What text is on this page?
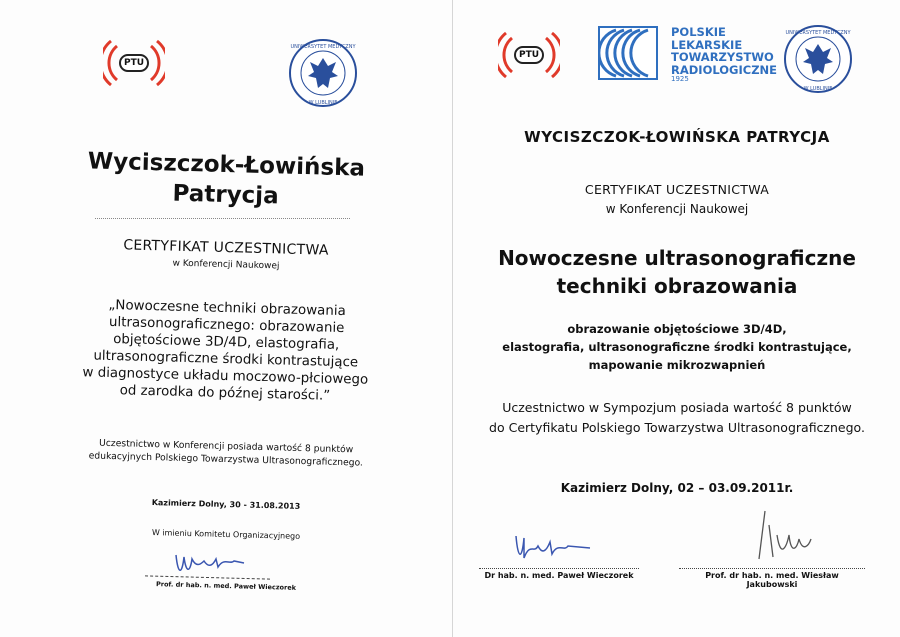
PTU
UNIWERSYTET MEDYCZNY
W LUBLINIE
Wyciszczok-Łowińska
Patrycja
CERTYFIKAT UCZESTNICTWA
w Konferencji Naukowej
„Nowoczesne techniki obrazowania
ultrasonograficznego: obrazowanie
objętościowe 3D/4D, elastografia,
ultrasonograficzne środki kontrastujące
w diagnostyce układu moczowo-płciowego
od zarodka do późnej starości.”
Uczestnictwo w Konferencji posiada wartość 8 punktów
edukacyjnych Polskiego Towarzystwa Ultrasonograficznego.
Kazimierz Dolny, 30 - 31.08.2013
W imieniu Komitetu Organizacyjnego
Prof. dr hab. n. med. Paweł Wieczorek
PTU
POLSKIE
LEKARSKIE
TOWARZYSTWO
RADIOLOGICZNE
1925
UNIWERSYTET MEDYCZNY
W LUBLINIE
WYCISZCZOK-ŁOWIŃSKA PATRYCJA
CERTYFIKAT UCZESTNICTWA
w Konferencji Naukowej
Nowoczesne ultrasonograficzne
techniki obrazowania
obrazowanie objętościowe 3D/4D,
elastografia, ultrasonograficzne środki kontrastujące,
mapowanie mikrozwapnień
Uczestnictwo w Sympozjum posiada wartość 8 punktów
do Certyfikatu Polskiego Towarzystwa Ultrasonograficznego.
Kazimierz Dolny, 02 – 03.09.2011r.
Dr hab. n. med. Paweł Wieczorek	Prof. dr hab. n. med. Wiesław Jakubowski
